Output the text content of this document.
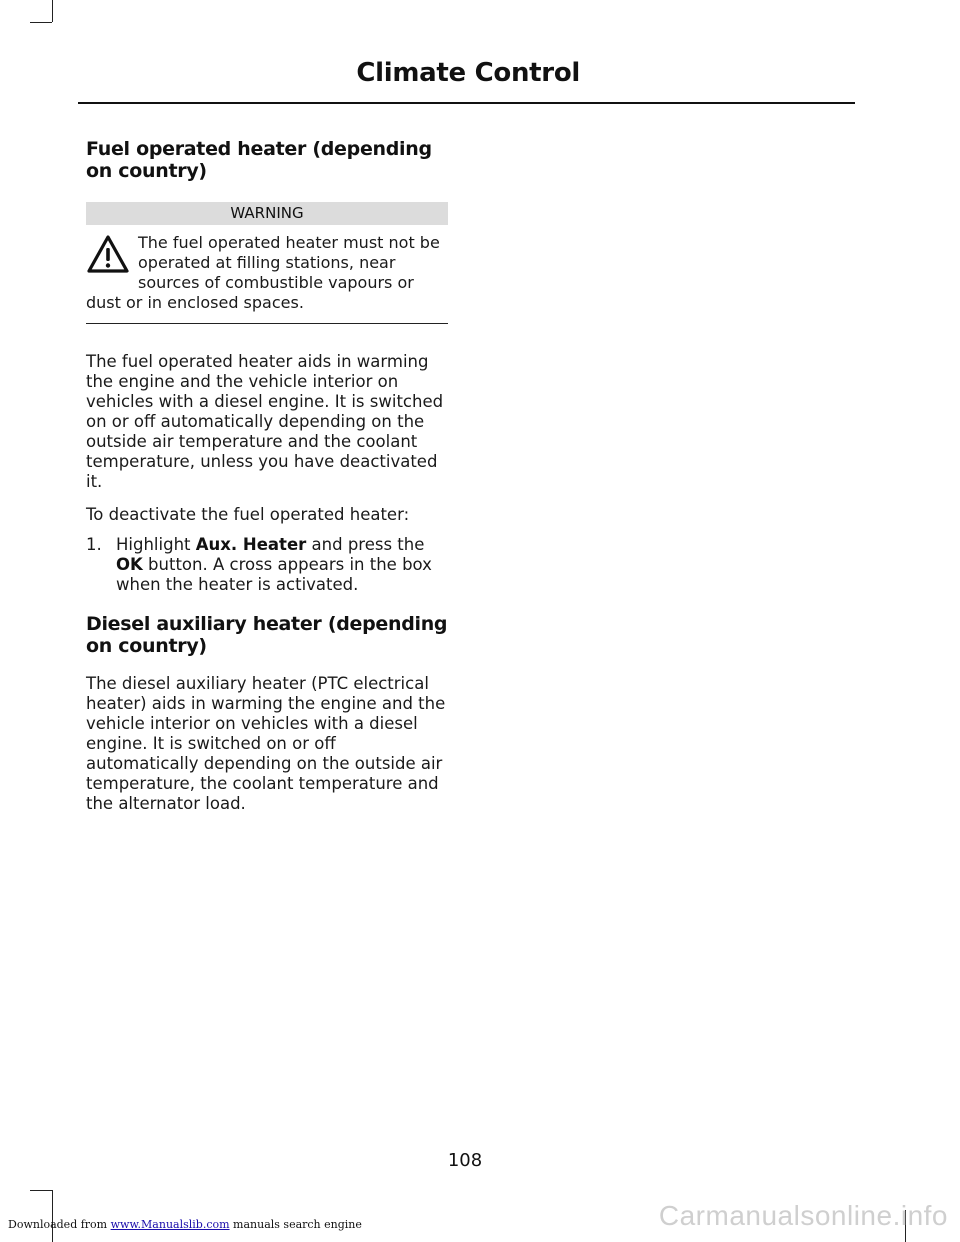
Climate Control
Fuel operated heater (depending on country)
WARNING
The fuel operated heater must not be operated at filling stations, near sources of combustible vapours or dust or in enclosed spaces.

The fuel operated heater aids in warming the engine and the vehicle interior on vehicles with a diesel engine. It is switched on or off automatically depending on the outside air temperature and the coolant temperature, unless you have deactivated it.

To deactivate the fuel operated heater:

1. Highlight Aux. Heater and press the OK button. A cross appears in the box when the heater is activated.
Diesel auxiliary heater (depending on country)

The diesel auxiliary heater (PTC electrical heater) aids in warming the engine and the vehicle interior on vehicles with a diesel engine. It is switched on or off automatically depending on the outside air temperature, the coolant temperature and the alternator load.

108
Downloaded from www.Manualslib.com manuals search engine	Carmanualsonline.info
